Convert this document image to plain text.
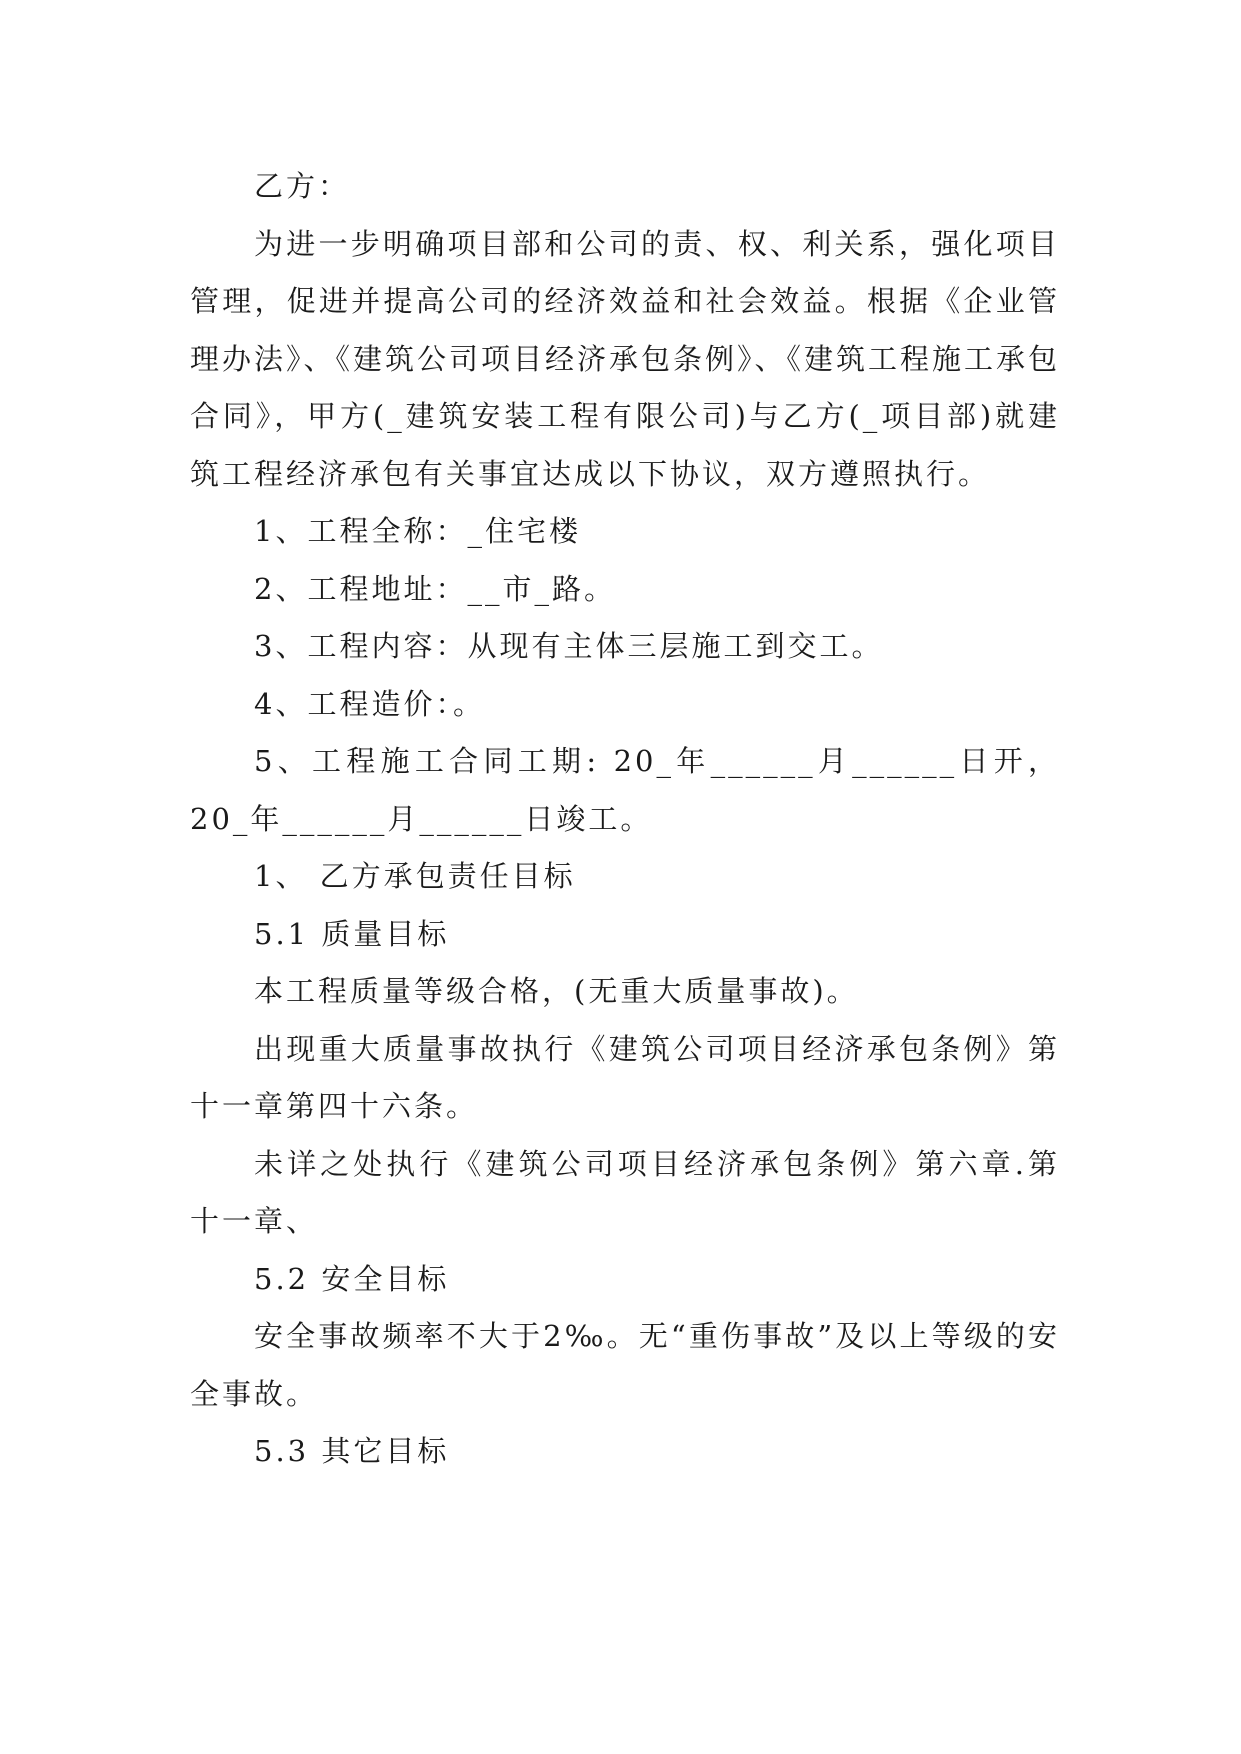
乙方：

为进一步明确项目部和公司的责、权、利关系，强化项目管理，促进并提高公司的经济效益和社会效益。根据《企业管理办法》、《建筑公司项目经济承包条例》、《建筑工程施工承包合同》，甲方(_建筑安装工程有限公司)与乙方(_项目部)就建筑工程经济承包有关事宜达成以下协议，双方遵照执行。

1、工程全称：_住宅楼

2、工程地址：__市_路。

3、工程内容：从现有主体三层施工到交工。

4、工程造价：。

5、工程施工合同工期: 20_年______月______日开，20_年______月______日竣工。

1、 乙方承包责任目标

5.1 质量目标

本工程质量等级合格，(无重大质量事故)。

出现重大质量事故执行《建筑公司项目经济承包条例》第十一章第四十六条。

未详之处执行《建筑公司项目经济承包条例》第六章.第十一章、

5.2 安全目标

安全事故频率不大于2‰。无“重伤事故”及以上等级的安全事故。

5.3 其它目标
